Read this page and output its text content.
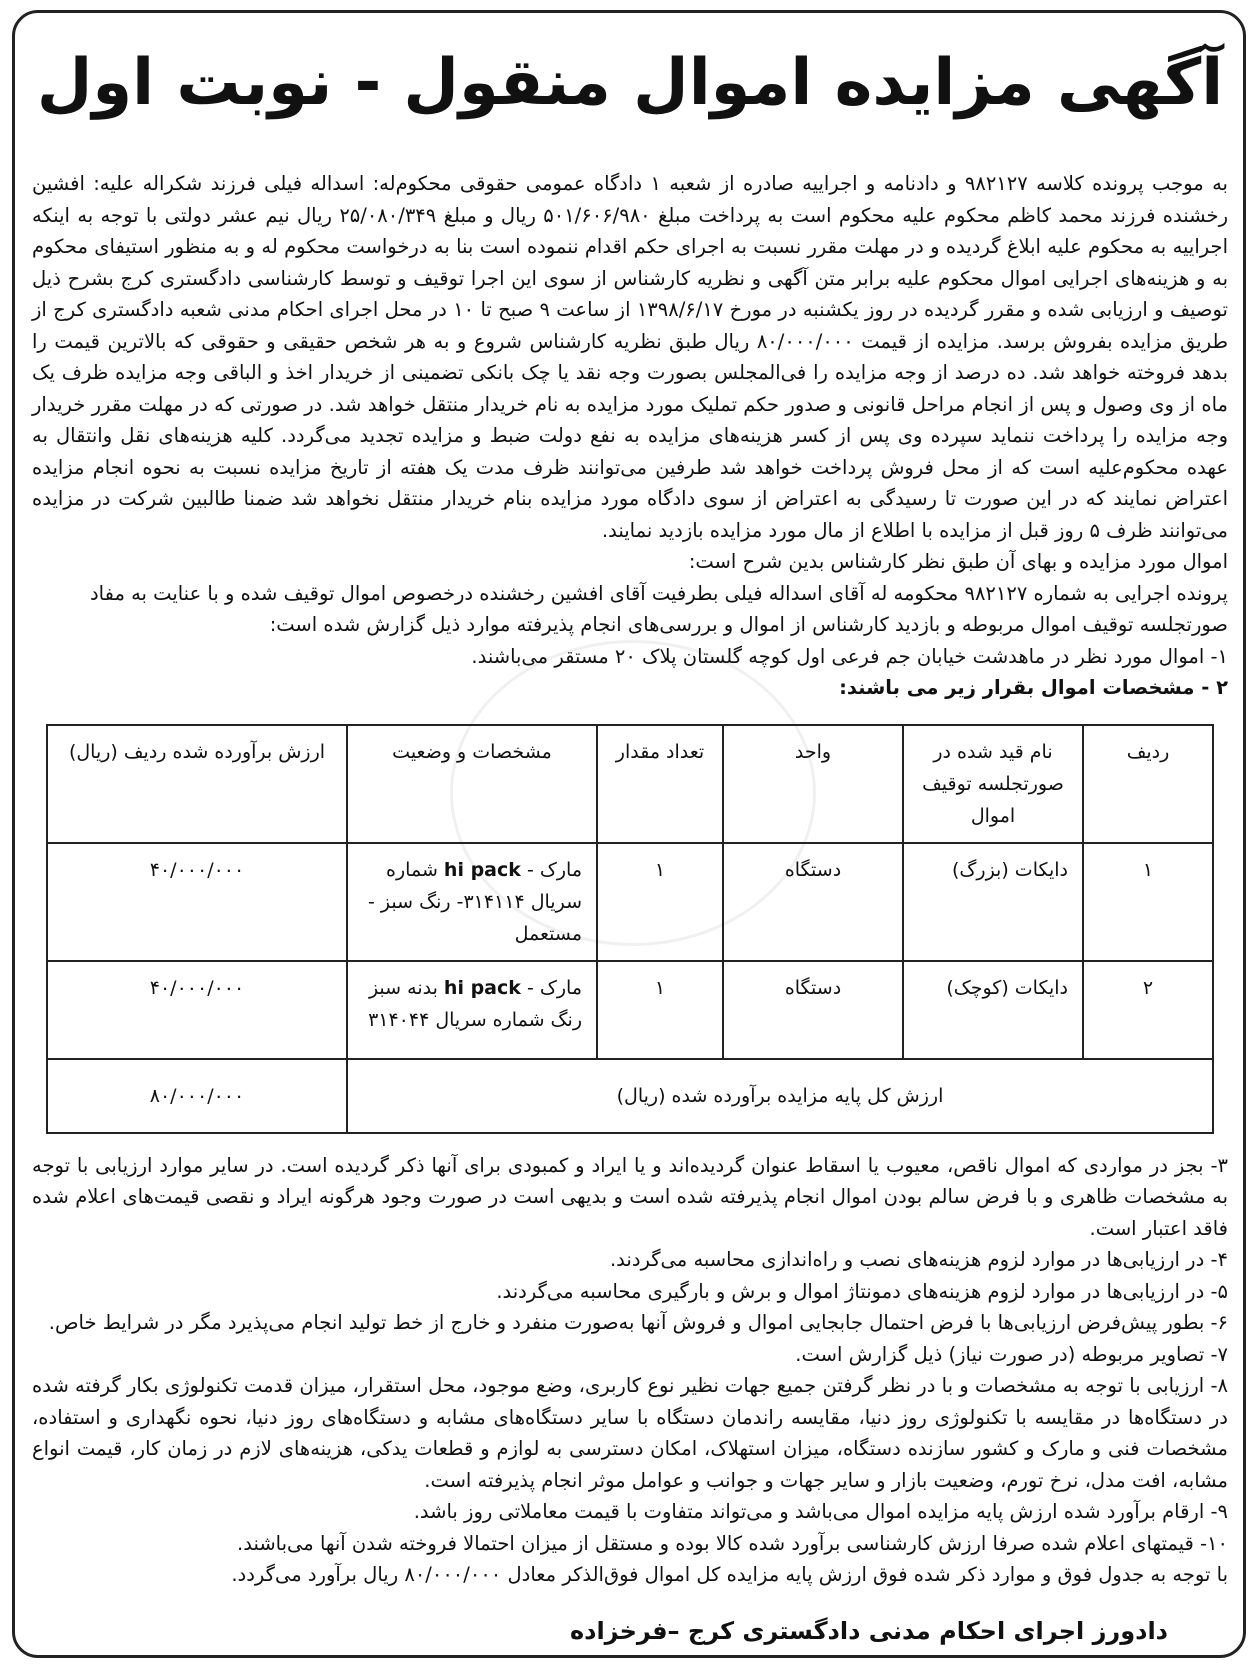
آگهی مزایده اموال منقول - نوبت اول

به موجب پرونده کلاسه ۹۸۲۱۲۷ و دادنامه و اجراییه صادره از شعبه ۱ دادگاه عمومی حقوقی محکوم‌له: اسداله فیلی فرزند شکراله علیه: افشین رخشنده فرزند محمد کاظم محکوم علیه محکوم است به پرداخت مبلغ ۵۰۱/۶۰۶/۹۸۰ ریال و مبلغ ۲۵/۰۸۰/۳۴۹ ریال نیم عشر دولتی با توجه به اینکه اجراییه به محکوم علیه ابلاغ گردیده و در مهلت مقرر نسبت به اجرای حکم اقدام ننموده است بنا به درخواست محکوم له و به منظور استیفای محکوم به و هزینه‌های اجرایی اموال محکوم علیه برابر متن آگهی و نظریه کارشناس از سوی این اجرا توقیف و توسط کارشناسی دادگستری کرج بشرح ذیل توصیف و ارزیابی شده و مقرر گردیده در روز یکشنبه در مورخ ۱۳۹۸/۶/۱۷ از ساعت ۹ صبح تا ۱۰ در محل اجرای احکام مدنی شعبه دادگستری کرج از طریق مزایده بفروش برسد. مزایده از قیمت ۸۰/۰۰۰/۰۰۰ ریال طبق نظریه کارشناس شروع و به هر شخص حقیقی و حقوقی که بالاترین قیمت را بدهد فروخته خواهد شد. ده درصد از وجه مزایده را فی‌المجلس بصورت وجه نقد یا چک بانکی تضمینی از خریدار اخذ و الباقی وجه مزایده ظرف یک ماه از وی وصول و پس از انجام مراحل قانونی و صدور حکم تملیک مورد مزایده به نام خریدار منتقل خواهد شد. در صورتی که در مهلت مقرر خریدار وجه مزایده را پرداخت ننماید سپرده وی پس از کسر هزینه‌های مزایده به نفع دولت ضبط و مزایده تجدید می‌گردد. کلیه هزینه‌های نقل وانتقال به عهده محکوم‌علیه است که از محل فروش پرداخت خواهد شد طرفین می‌توانند ظرف مدت یک هفته از تاریخ مزایده نسبت به نحوه انجام مزایده اعتراض نمایند که در این صورت تا رسیدگی به اعتراض از سوی دادگاه مورد مزایده بنام خریدار منتقل نخواهد شد ضمنا طالبین شرکت در مزایده می‌توانند ظرف ۵ روز قبل از مزایده با اطلاع از مال مورد مزایده بازدید نمایند.

اموال مورد مزایده و بهای آن طبق نظر کارشناس بدین شرح است:

پرونده اجرایی به شماره ۹۸۲۱۲۷ محکومه له آقای اسداله فیلی بطرفیت آقای افشین رخشنده درخصوص اموال توقیف شده و با عنایت به مفاد صورتجلسه توقیف اموال مربوطه و بازدید کارشناس از اموال و بررسی‌های انجام پذیرفته موارد ذیل گزارش شده است:

۱- اموال مورد نظر در ماهدشت خیابان جم فرعی اول کوچه گلستان پلاک ۲۰ مستقر می‌باشند.

۲ - مشخصات اموال بقرار زیر می باشند:

ردیف	نام قید شده در صورتجلسه توقیف اموال	واحد	تعداد مقدار	مشخصات و وضعیت	ارزش برآورده شده ردیف (ریال)
۱	دایکات (بزرگ)	دستگاه	۱	مارک - hi pack شماره سریال ۳۱۴۱۱۴- رنگ سبز - مستعمل	۴۰/۰۰۰/۰۰۰
۲	دایکات (کوچک)	دستگاه	۱	مارک - hi pack بدنه سبز رنگ شماره سریال ۳۱۴۰۴۴	۴۰/۰۰۰/۰۰۰
ارزش کل پایه مزایده برآورده شده (ریال)					۸۰/۰۰۰/۰۰۰

۳- بجز در مواردی که اموال ناقص، معیوب یا اسقاط عنوان گردیده‌اند و یا ایراد و کمبودی برای آنها ذکر گردیده است. در سایر موارد ارزیابی با توجه به مشخصات ظاهری و با فرض سالم بودن اموال انجام پذیرفته شده است و بدیهی است در صورت وجود هرگونه ایراد و نقصی قیمت‌های اعلام شده فاقد اعتبار است.

۴- در ارزیابی‌ها در موارد لزوم هزینه‌های نصب و راه‌اندازی محاسبه می‌گردند.

۵- در ارزیابی‌ها در موارد لزوم هزینه‌های دمونتاژ اموال و برش و بارگیری محاسبه می‌گردند.

۶- بطور پیش‌فرض ارزیابی‌ها با فرض احتمال جابجایی اموال و فروش آنها به‌صورت منفرد و خارج از خط تولید انجام می‌پذیرد مگر در شرایط خاص.

۷- تصاویر مربوطه (در صورت نیاز) ذیل گزارش است.

۸- ارزیابی با توجه به مشخصات و با در نظر گرفتن جمیع جهات نظیر نوع کاربری، وضع موجود، محل استقرار، میزان قدمت تکنولوژی بکار گرفته شده در دستگاه‌ها در مقایسه با تکنولوژی روز دنیا، مقایسه راندمان دستگاه با سایر دستگاه‌های مشابه و دستگاه‌های روز دنیا، نحوه نگهداری و استفاده، مشخصات فنی و مارک و کشور سازنده دستگاه، میزان استهلاک، امکان دسترسی به لوازم و قطعات یدکی، هزینه‌های لازم در زمان کار، قیمت انواع مشابه، افت مدل، نرخ تورم، وضعیت بازار و سایر جهات و جوانب و عوامل موثر انجام پذیرفته است.

۹- ارقام برآورد شده ارزش پایه مزایده اموال می‌باشد و می‌تواند متفاوت با قیمت معاملاتی روز باشد.

۱۰- قیمتهای اعلام شده صرفا ارزش کارشناسی برآورد شده کالا بوده و مستقل از میزان احتمالا فروخته شدن آنها می‌باشند.

با توجه به جدول فوق و موارد ذکر شده فوق ارزش پایه مزایده کل اموال فوق‌الذکر معادل ۸۰/۰۰۰/۰۰۰ ریال برآورد می‌گردد.

دادورز اجرای احکام مدنی دادگستری کرج –فرخزاده
